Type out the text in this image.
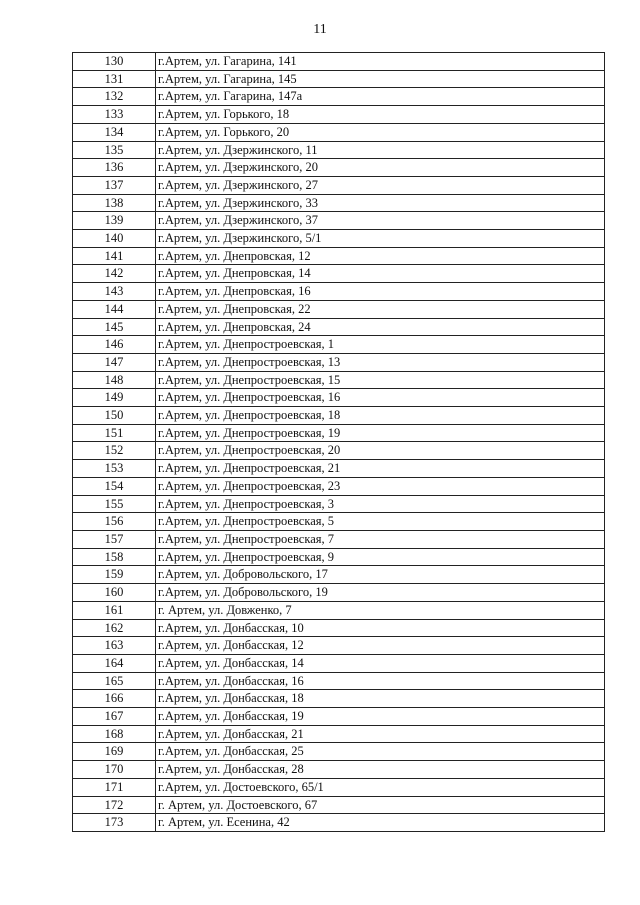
11
130	г.Артем, ул. Гагарина, 141
131	г.Артем, ул. Гагарина, 145
132	г.Артем, ул. Гагарина, 147а
133	г.Артем, ул. Горького, 18
134	г.Артем, ул. Горького, 20
135	г.Артем, ул. Дзержинского, 11
136	г.Артем, ул. Дзержинского, 20
137	г.Артем, ул. Дзержинского, 27
138	г.Артем, ул. Дзержинского, 33
139	г.Артем, ул. Дзержинского, 37
140	г.Артем, ул. Дзержинского, 5/1
141	г.Артем, ул. Днепровская, 12
142	г.Артем, ул. Днепровская, 14
143	г.Артем, ул. Днепровская, 16
144	г.Артем, ул. Днепровская, 22
145	г.Артем, ул. Днепровская, 24
146	г.Артем, ул. Днепростроевская, 1
147	г.Артем, ул. Днепростроевская, 13
148	г.Артем, ул. Днепростроевская, 15
149	г.Артем, ул. Днепростроевская, 16
150	г.Артем, ул. Днепростроевская, 18
151	г.Артем, ул. Днепростроевская, 19
152	г.Артем, ул. Днепростроевская, 20
153	г.Артем, ул. Днепростроевская, 21
154	г.Артем, ул. Днепростроевская, 23
155	г.Артем, ул. Днепростроевская, 3
156	г.Артем, ул. Днепростроевская, 5
157	г.Артем, ул. Днепростроевская, 7
158	г.Артем, ул. Днепростроевская, 9
159	г.Артем, ул. Добровольского, 17
160	г.Артем, ул. Добровольского, 19
161	г. Артем, ул. Довженко, 7
162	г.Артем, ул. Донбасская, 10
163	г.Артем, ул. Донбасская, 12
164	г.Артем, ул. Донбасская, 14
165	г.Артем, ул. Донбасская, 16
166	г.Артем, ул. Донбасская, 18
167	г.Артем, ул. Донбасская, 19
168	г.Артем, ул. Донбасская, 21
169	г.Артем, ул. Донбасская, 25
170	г.Артем, ул. Донбасская, 28
171	г.Артем, ул. Достоевского, 65/1
172	г. Артем, ул. Достоевского, 67
173	г. Артем, ул. Есенина, 42
